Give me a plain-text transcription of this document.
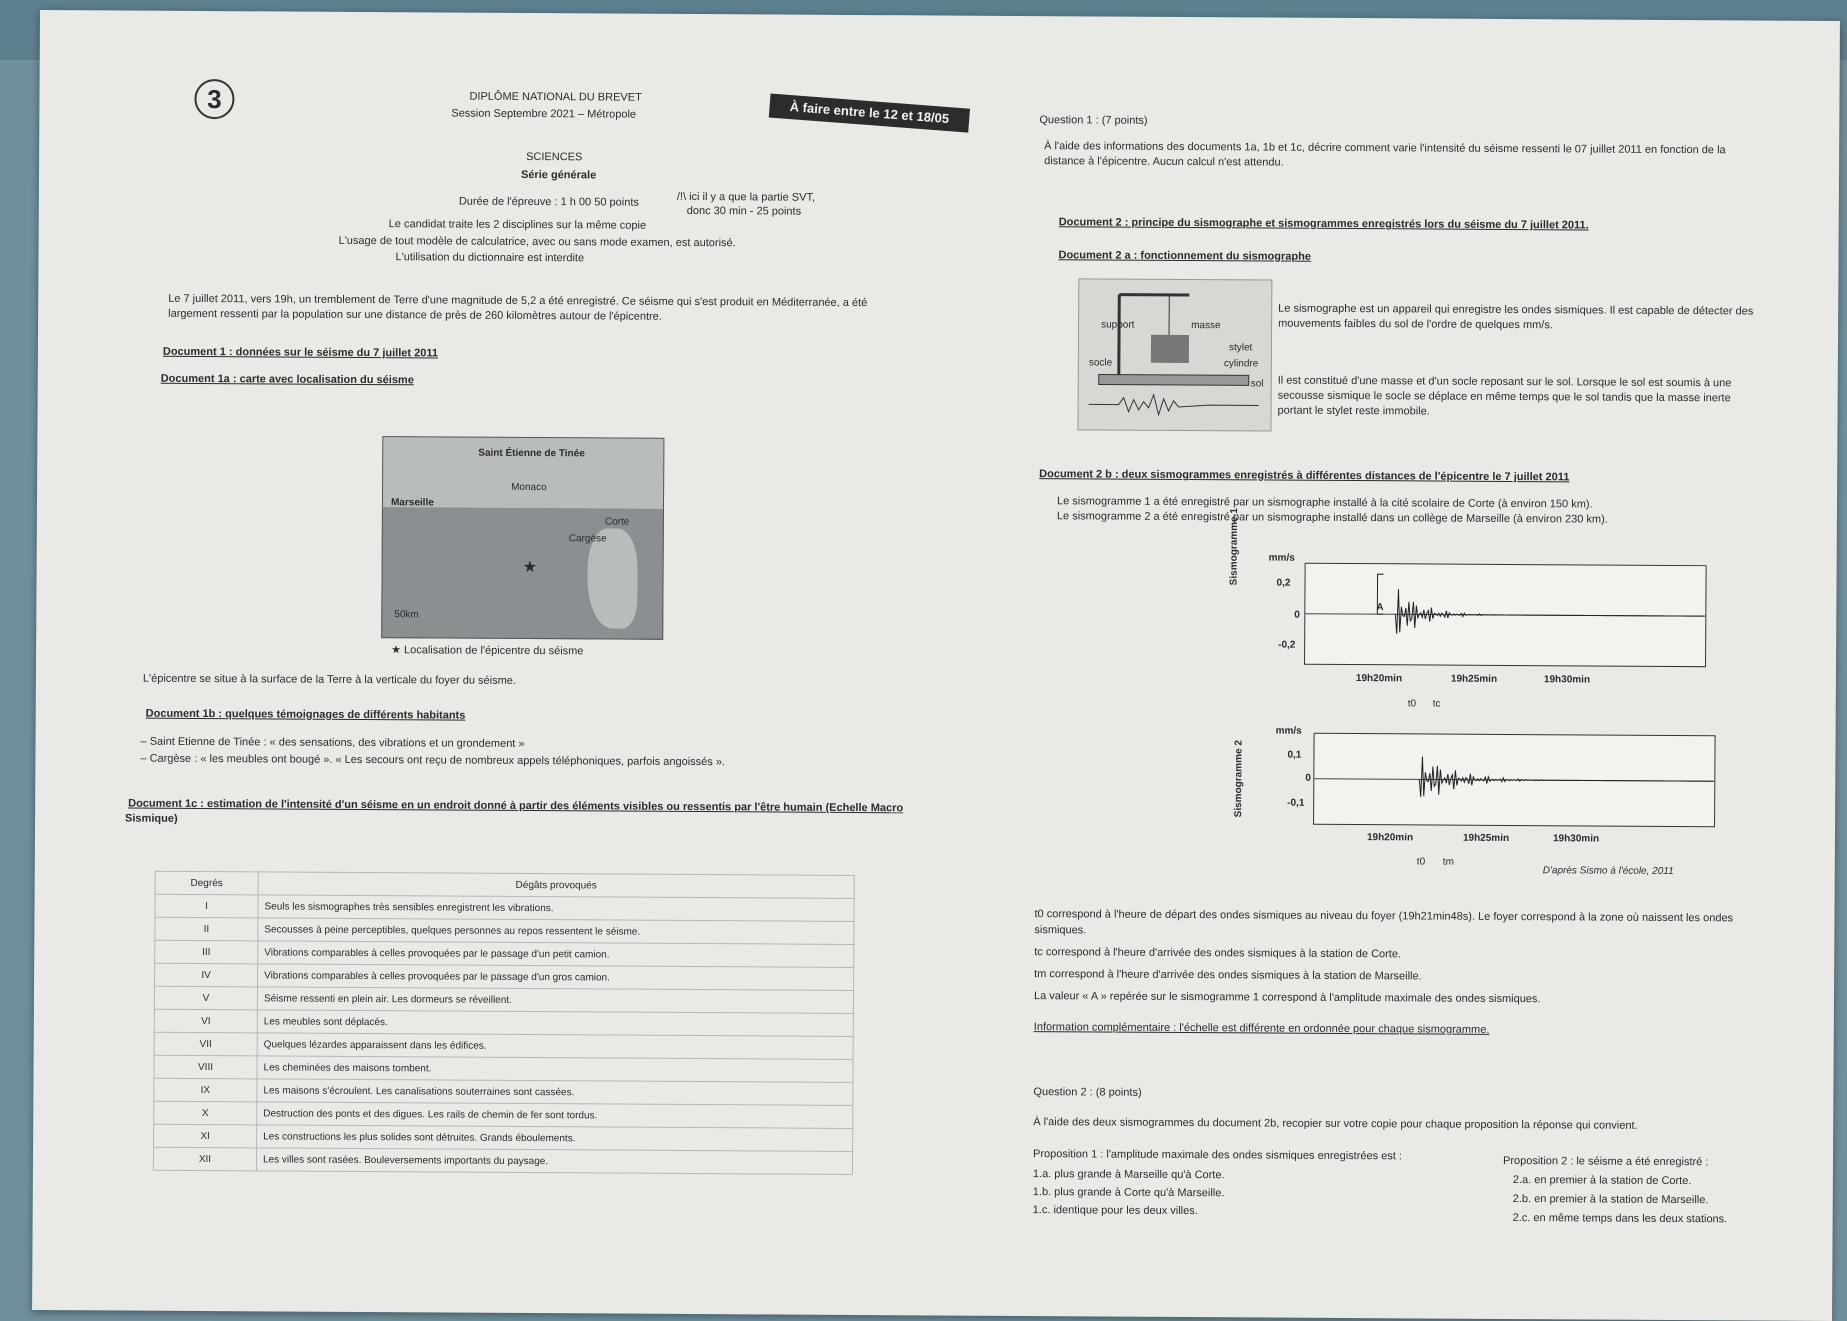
3	DIPLÔME NATIONAL DU BREVET
Session Septembre 2021 – Métropole	À faire entre le 12 et 18/05
SCIENCES
Série générale
Durée de l'épreuve : 1 h 00 50 points	/!\ ici il y a que la partie SVT,
donc 30 min - 25 points
Le candidat traite les 2 disciplines sur la même copie
L'usage de tout modèle de calculatrice, avec ou sans mode examen, est autorisé.
L'utilisation du dictionnaire est interdite
Le 7 juillet 2011, vers 19h, un tremblement de Terre d'une magnitude de 5,2 a été enregistré. Ce séisme qui s'est produit en Méditerranée, a été
largement ressenti par la population sur une distance de près de 260 kilomètres autour de l'épicentre.
Document 1 : données sur le séisme du 7 juillet 2011
Document 1a : carte avec localisation du séisme
Saint Étienne de Tinée
Marseille
Monaco
Corte
Cargèse
50km
★
★ Localisation de l'épicentre du séisme
L'épicentre se situe à la surface de la Terre à la verticale du foyer du séisme.
Document 1b : quelques témoignages de différents habitants
– Saint Etienne de Tinée : « des sensations, des vibrations et un grondement »
– Cargèse : « les meubles ont bougé ». « Les secours ont reçu de nombreux appels téléphoniques, parfois angoissés ».
Document 1c : estimation de l'intensité d'un séisme en un endroit donné à partir des éléments visibles ou ressentis par l'être humain (Echelle Macro
Sismique)
Degrés	Dégâts provoqués
I	Seuls les sismographes très sensibles enregistrent les vibrations.
II	Secousses à peine perceptibles, quelques personnes au repos ressentent le séisme.
III	Vibrations comparables à celles provoquées par le passage d'un petit camion.
IV	Vibrations comparables à celles provoquées par le passage d'un gros camion.
V	Séisme ressenti en plein air. Les dormeurs se réveillent.
VI	Les meubles sont déplacés.
VII	Quelques lézardes apparaissent dans les édifices.
VIII	Les cheminées des maisons tombent.
IX	Les maisons s'écroulent. Les canalisations souterraines sont cassées.
X	Destruction des ponts et des digues. Les rails de chemin de fer sont tordus.
XI	Les constructions les plus solides sont détruites. Grands éboulements.
XII	Les villes sont rasées. Bouleversements importants du paysage.
Question 1 : (7 points)
À l'aide des informations des documents 1a, 1b et 1c, décrire comment varie l'intensité du séisme ressenti le 07 juillet 2011 en fonction de la
distance à l'épicentre. Aucun calcul n'est attendu.
Document 2 : principe du sismographe et sismogrammes enregistrés lors du séisme du 7 juillet 2011.
Document 2 a : fonctionnement du sismographe
support
socle
masse
stylet
cylindre
sol
Le sismographe est un appareil qui enregistre les ondes sismiques. Il est capable de détecter des
mouvements faibles du sol de l'ordre de quelques mm/s.
Il est constitué d'une masse et d'un socle reposant sur le sol. Lorsque le sol est soumis à une
secousse sismique le socle se déplace en même temps que le sol tandis que la masse inerte
portant le stylet reste immobile.
Document 2 b : deux sismogrammes enregistrés à différentes distances de l'épicentre le 7 juillet 2011
Le sismogramme 1 a été enregistré par un sismographe installé à la cité scolaire de Corte (à environ 150 km).
Le sismogramme 2 a été enregistré par un sismographe installé dans un collège de Marseille (à environ 230 km).
Sismogramme 1	mm/s
0,2
0
-0,2
A
19h20min	19h25min	19h30min
t0 tc
Sismogramme 2
mm/s
0,1
0
-0,1
19h20min	19h25min	19h30min
t0 tm
D'après Sismo à l'école, 2011
t0 correspond à l'heure de départ des ondes sismiques au niveau du foyer (19h21min48s). Le foyer correspond à la zone où naissent les ondes
sismiques.
tc correspond à l'heure d'arrivée des ondes sismiques à la station de Corte.
tm correspond à l'heure d'arrivée des ondes sismiques à la station de Marseille.
La valeur « A » repérée sur le sismogramme 1 correspond à l'amplitude maximale des ondes sismiques.
Information complémentaire : l'échelle est différente en ordonnée pour chaque sismogramme.
Question 2 : (8 points)
À l'aide des deux sismogrammes du document 2b, recopier sur votre copie pour chaque proposition la réponse qui convient.
Proposition 1 : l'amplitude maximale des ondes sismiques enregistrées est :
1.a. plus grande à Marseille qu'à Corte.
1.b. plus grande à Corte qu'à Marseille.
1.c. identique pour les deux villes.
Proposition 2 : le séisme a été enregistré :
2.a. en premier à la station de Corte.
2.b. en premier à la station de Marseille.
2.c. en même temps dans les deux stations.
